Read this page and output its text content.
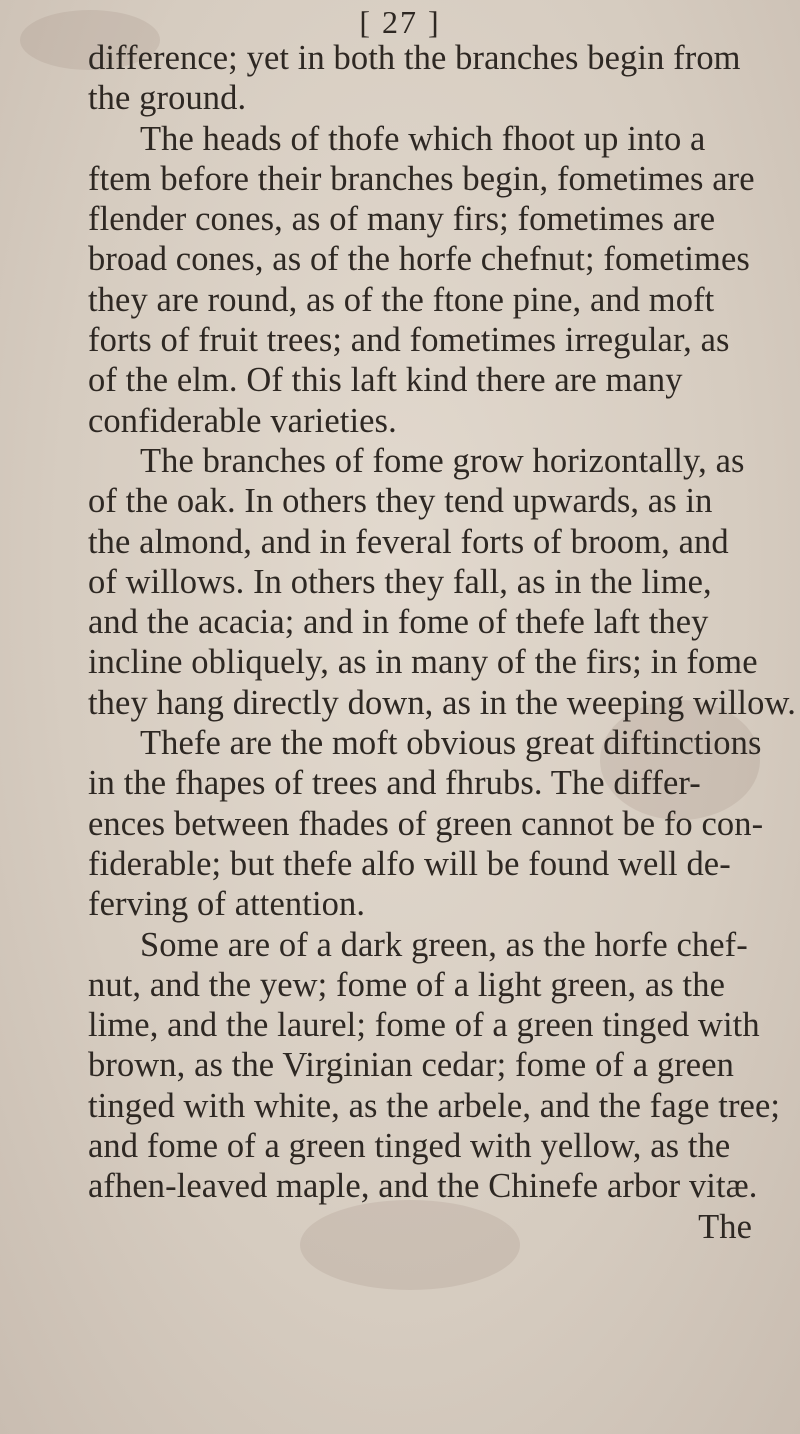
[ 27 ]
difference; yet in both the branches begin from
the ground.
The heads of thofe which fhoot up into a
ftem before their branches begin, fometimes are
flender cones, as of many firs; fometimes are
broad cones, as of the horfe chefnut; fometimes
they are round, as of the ftone pine, and moft
forts of fruit trees; and fometimes irregular, as
of the elm. Of this laft kind there are many
confiderable varieties.
The branches of fome grow horizontally, as
of the oak. In others they tend upwards, as in
the almond, and in feveral forts of broom, and
of willows. In others they fall, as in the lime,
and the acacia; and in fome of thefe laft they
incline obliquely, as in many of the firs; in fome
they hang directly down, as in the weeping willow.
Thefe are the moft obvious great diftinctions
in the fhapes of trees and fhrubs. The differ-
ences between fhades of green cannot be fo con-
fiderable; but thefe alfo will be found well de-
ferving of attention.
Some are of a dark green, as the horfe chef-
nut, and the yew; fome of a light green, as the
lime, and the laurel; fome of a green tinged with
brown, as the Virginian cedar; fome of a green
tinged with white, as the arbele, and the fage tree;
and fome of a green tinged with yellow, as the
afhen-leaved maple, and the Chinefe arbor vitæ.
The
